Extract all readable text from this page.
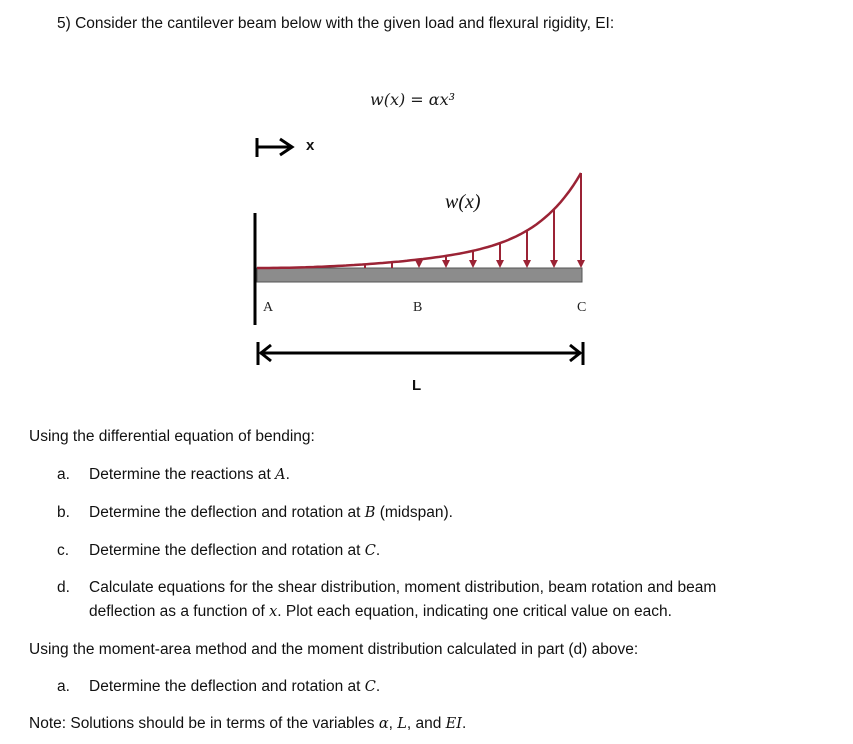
5) Consider the cantilever beam below with the given load and flexural rigidity, EI:
w(x) = αx³
x
w(x)
A	B	C
L
Using the differential equation of bending:
a. Determine the reactions at A.
b. Determine the deflection and rotation at B (midspan).
c. Determine the deflection and rotation at C.
d. Calculate equations for the shear distribution, moment distribution, beam rotation and beam
deflection as a function of x. Plot each equation, indicating one critical value on each.
Using the moment-area method and the moment distribution calculated in part (d) above:
a. Determine the deflection and rotation at C.
Note: Solutions should be in terms of the variables α, L, and EI.
